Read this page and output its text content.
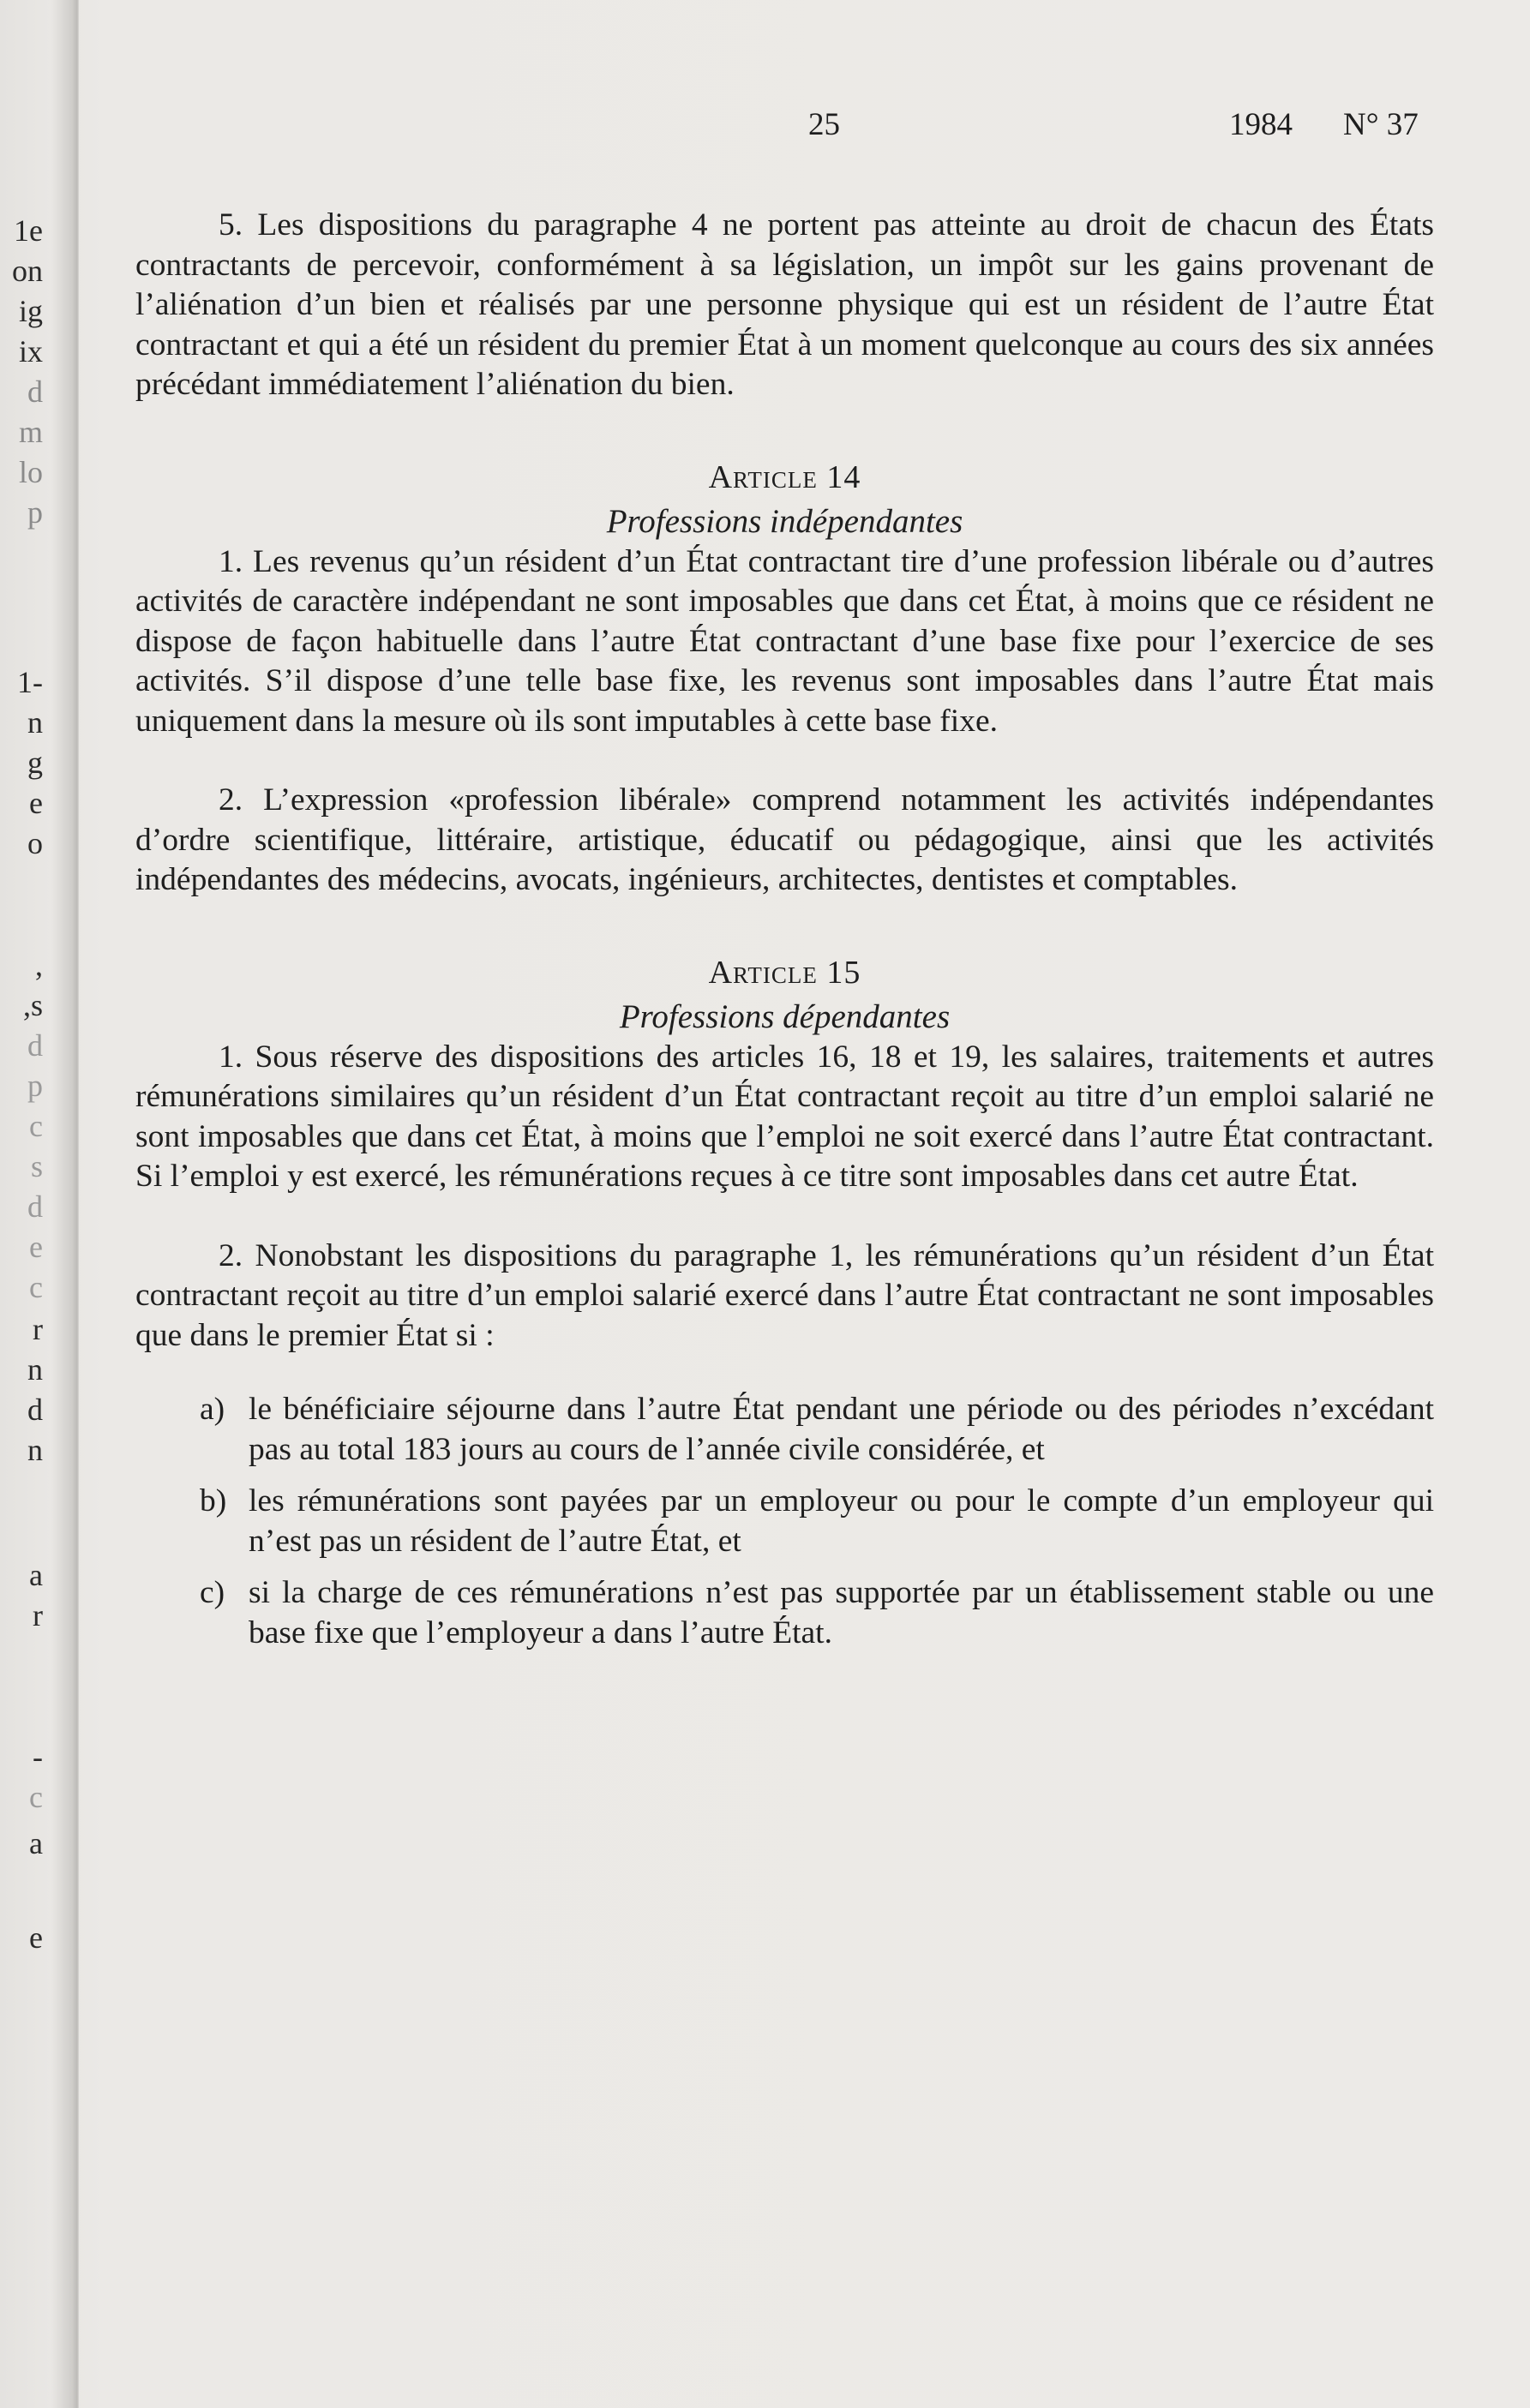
1e
on
ig
ix
d
m
lo
p
1-
n
g
e
o
,
,s
d
p
c
s
d
e
c
r
n
d
n
a
r
-
c
a
e
25	1984 N° 37

5. Les dispositions du paragraphe 4 ne portent pas atteinte au droit de chacun des États contractants de percevoir, conformément à sa législation, un impôt sur les gains provenant de l’aliénation d’un bien et réalisés par une personne physique qui est un résident de l’autre État contractant et qui a été un résident du premier État à un moment quelconque au cours des six années précédant immédiatement l’aliénation du bien.

Article 14

Professions indépendantes

1. Les revenus qu’un résident d’un État contractant tire d’une profession libérale ou d’autres activités de caractère indépendant ne sont imposables que dans cet État, à moins que ce résident ne dispose de façon habituelle dans l’autre État contractant d’une base fixe pour l’exercice de ses activités. S’il dispose d’une telle base fixe, les revenus sont imposables dans l’autre État mais uniquement dans la mesure où ils sont imputables à cette base fixe.

2. L’expression «profession libérale» comprend notamment les activités indépendantes d’ordre scientifique, littéraire, artistique, éducatif ou pédagogique, ainsi que les activités indépendantes des médecins, avocats, ingénieurs, architectes, dentistes et comptables.

Article 15

Professions dépendantes

1. Sous réserve des dispositions des articles 16, 18 et 19, les salaires, traitements et autres rémunérations similaires qu’un résident d’un État contractant reçoit au titre d’un emploi salarié ne sont imposables que dans cet État, à moins que l’emploi ne soit exercé dans l’autre État contractant. Si l’emploi y est exercé, les rémunérations reçues à ce titre sont imposables dans cet autre État.

2. Nonobstant les dispositions du paragraphe 1, les rémunérations qu’un résident d’un État contractant reçoit au titre d’un emploi salarié exercé dans l’autre État contractant ne sont imposables que dans le premier État si :

a) le bénéficiaire séjourne dans l’autre État pendant une période ou des périodes n’excédant pas au total 183 jours au cours de l’année civile considérée, et
b) les rémunérations sont payées par un employeur ou pour le compte d’un employeur qui n’est pas un résident de l’autre État, et
c) si la charge de ces rémunérations n’est pas supportée par un établissement stable ou une base fixe que l’employeur a dans l’autre État.
